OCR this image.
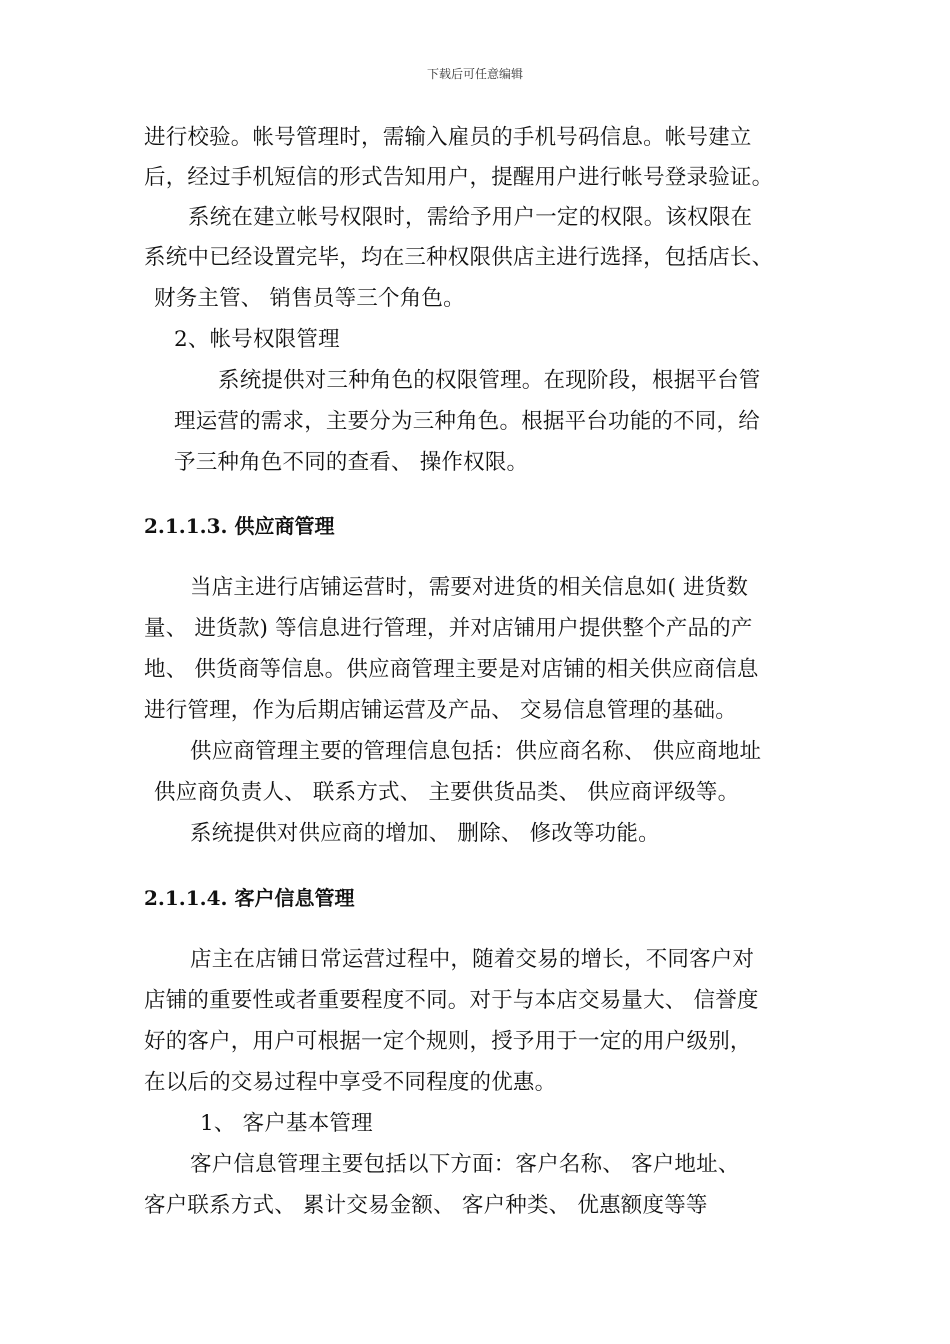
下载后可任意编辑
进行校验。帐号管理时，需输入雇员的手机号码信息。帐号建立
后，经过手机短信的形式告知用户，提醒用户进行帐号登录验证。
系统在建立帐号权限时，需给予用户一定的权限。该权限在
系统中已经设置完毕，均在三种权限供店主进行选择，包括店长、
财务主管、 销售员等三个角色。
2、帐号权限管理
系统提供对三种角色的权限管理。在现阶段，根据平台管
理运营的需求，主要分为三种角色。根据平台功能的不同，给
予三种角色不同的查看、 操作权限。
2.1.1.3. 供应商管理
当店主进行店铺运营时，需要对进货的相关信息如( 进货数
量、 进货款) 等信息进行管理，并对店铺用户提供整个产品的产
地、 供货商等信息。供应商管理主要是对店铺的相关供应商信息
进行管理，作为后期店铺运营及产品、 交易信息管理的基础。
供应商管理主要的管理信息包括：供应商名称、 供应商地址
供应商负责人、 联系方式、 主要供货品类、 供应商评级等。
系统提供对供应商的增加、 删除、 修改等功能。
2.1.1.4. 客户信息管理
店主在店铺日常运营过程中，随着交易的增长，不同客户对
店铺的重要性或者重要程度不同。对于与本店交易量大、 信誉度
好的客户，用户可根据一定个规则，授予用于一定的用户级别，
在以后的交易过程中享受不同程度的优惠。
1、 客户基本管理
客户信息管理主要包括以下方面：客户名称、 客户地址、
客户联系方式、 累计交易金额、 客户种类、 优惠额度等等
